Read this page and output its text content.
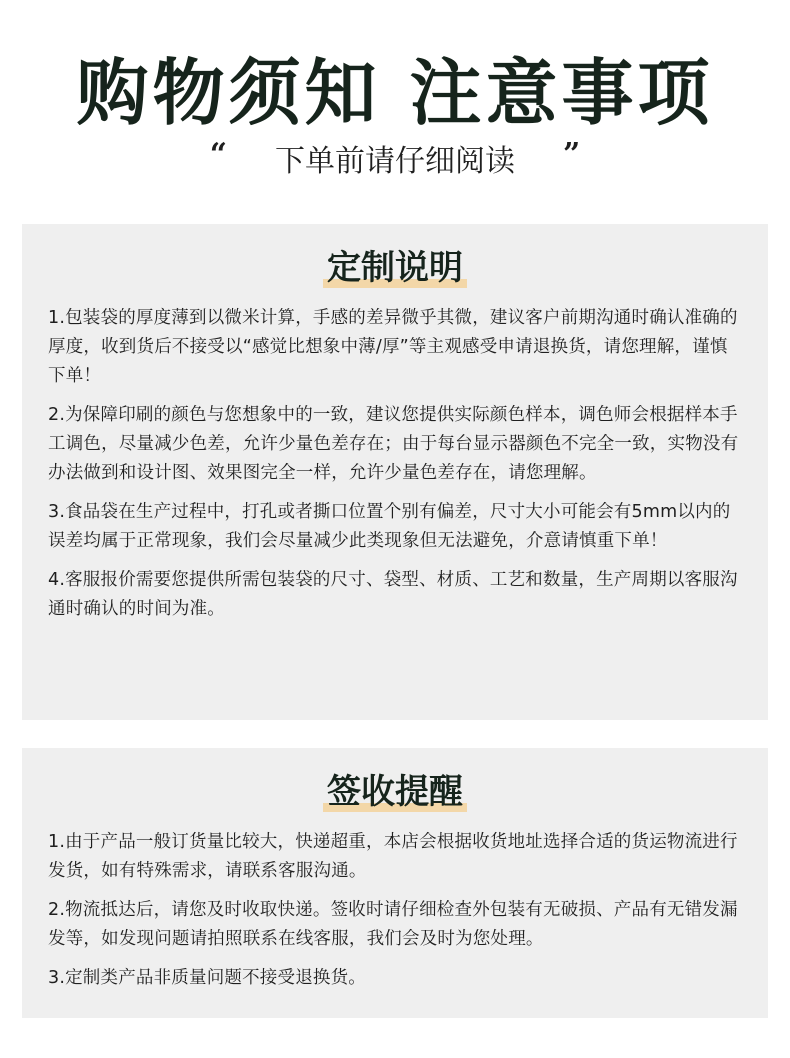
购物须知 注意事项
“ 下单前请仔细阅读 ”
定制说明

1.包装袋的厚度薄到以微米计算，手感的差异微乎其微，建议客户前期沟通时确认准确的厚度，收到货后不接受以“感觉比想象中薄/厚”等主观感受申请退换货，请您理解，谨慎下单！

2.为保障印刷的颜色与您想象中的一致，建议您提供实际颜色样本，调色师会根据样本手工调色，尽量减少色差，允许少量色差存在；由于每台显示器颜色不完全一致，实物没有办法做到和设计图、效果图完全一样，允许少量色差存在，请您理解。

3.食品袋在生产过程中，打孔或者撕口位置个别有偏差，尺寸大小可能会有5mm以内的误差均属于正常现象，我们会尽量减少此类现象但无法避免，介意请慎重下单！

4.客服报价需要您提供所需包装袋的尺寸、袋型、材质、工艺和数量，生产周期以客服沟通时确认的时间为准。

签收提醒

1.由于产品一般订货量比较大，快递超重，本店会根据收货地址选择合适的货运物流进行发货，如有特殊需求，请联系客服沟通。

2.物流抵达后，请您及时收取快递。签收时请仔细检查外包装有无破损、产品有无错发漏发等，如发现问题请拍照联系在线客服，我们会及时为您处理。

3.定制类产品非质量问题不接受退换货。
